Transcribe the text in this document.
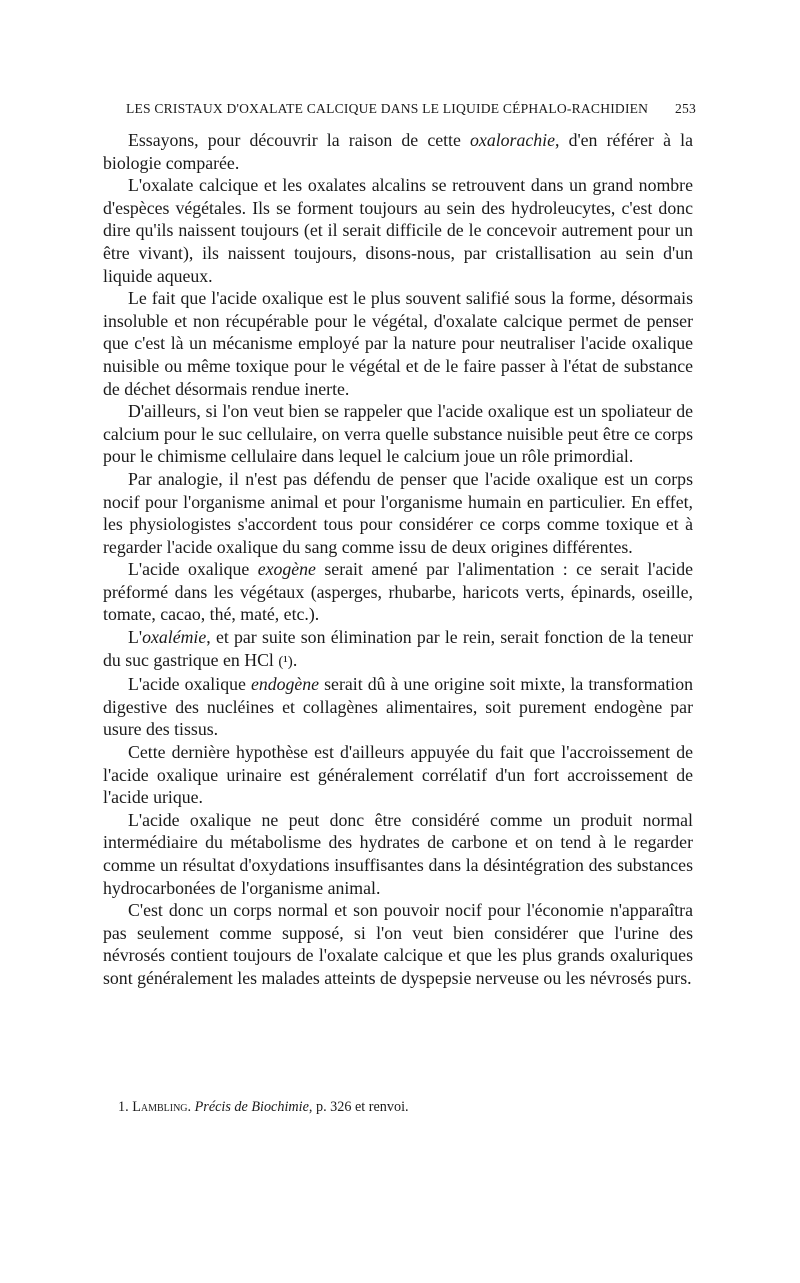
LES CRISTAUX D'OXALATE CALCIQUE DANS LE LIQUIDE CÉPHALO-RACHIDIEN 253

Essayons, pour découvrir la raison de cette oxalorachie, d'en référer à la biologie comparée.

L'oxalate calcique et les oxalates alcalins se retrouvent dans un grand nombre d'espèces végétales. Ils se forment toujours au sein des hydroleucytes, c'est donc dire qu'ils naissent toujours (et il serait difficile de le concevoir autrement pour un être vivant), ils naissent toujours, disons-nous, par cristallisation au sein d'un liquide aqueux.

Le fait que l'acide oxalique est le plus souvent salifié sous la forme, désormais insoluble et non récupérable pour le végétal, d'oxalate calcique permet de penser que c'est là un mécanisme employé par la nature pour neutraliser l'acide oxalique nuisible ou même toxique pour le végétal et de le faire passer à l'état de substance de déchet désormais rendue inerte.

D'ailleurs, si l'on veut bien se rappeler que l'acide oxalique est un spoliateur de calcium pour le suc cellulaire, on verra quelle substance nuisible peut être ce corps pour le chimisme cellulaire dans lequel le calcium joue un rôle primordial.

Par analogie, il n'est pas défendu de penser que l'acide oxalique est un corps nocif pour l'organisme animal et pour l'organisme humain en particulier. En effet, les physiologistes s'accordent tous pour considérer ce corps comme toxique et à regarder l'acide oxalique du sang comme issu de deux origines différentes.

L'acide oxalique exogène serait amené par l'alimentation : ce serait l'acide préformé dans les végétaux (asperges, rhubarbe, haricots verts, épinards, oseille, tomate, cacao, thé, maté, etc.).

L'oxalémie, et par suite son élimination par le rein, serait fonction de la teneur du suc gastrique en HCl (¹).

L'acide oxalique endogène serait dû à une origine soit mixte, la transformation digestive des nucléines et collagènes alimentaires, soit purement endogène par usure des tissus.

Cette dernière hypothèse est d'ailleurs appuyée du fait que l'accroissement de l'acide oxalique urinaire est généralement corrélatif d'un fort accroissement de l'acide urique.

L'acide oxalique ne peut donc être considéré comme un produit normal intermédiaire du métabolisme des hydrates de carbone et on tend à le regarder comme un résultat d'oxydations insuffisantes dans la désintégration des substances hydrocarbonées de l'organisme animal.

C'est donc un corps normal et son pouvoir nocif pour l'économie n'apparaîtra pas seulement comme supposé, si l'on veut bien considérer que l'urine des névrosés contient toujours de l'oxalate calcique et que les plus grands oxaluriques sont généralement les malades atteints de dyspepsie nerveuse ou les névrosés purs.

1. Lambling. Précis de Biochimie, p. 326 et renvoi.
